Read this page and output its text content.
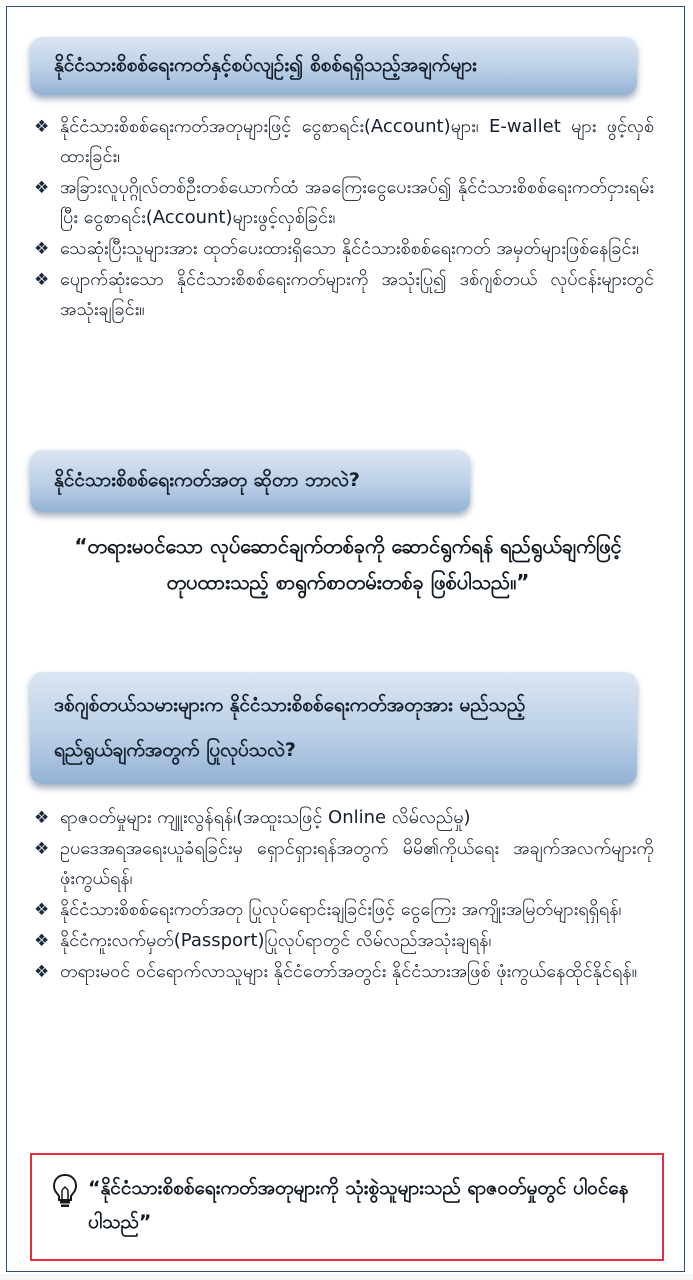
နိုင်ငံသားစိစစ်ရေးကတ်နှင့်စပ်လျဉ်း၍ စိစစ်ရရှိသည့်အချက်များ
❖ နိုင်ငံသားစိစစ်ရေးကတ်အတုများဖြင့် ငွေစာရင်း(Account)များ၊ E-wallet များ ဖွင့်လှစ်ထားခြင်း၊
❖ အခြားလူပုဂ္ဂိုလ်တစ်ဦးတစ်ယောက်ထံ အခကြေးငွေပေးအပ်၍ နိုင်ငံသားစိစစ်ရေးကတ်ငှားရမ်းပြီး ငွေစာရင်း(Account)များဖွင့်လှစ်ခြင်း၊
❖ သေဆုံးပြီးသူများအား ထုတ်ပေးထားရှိသော နိုင်ငံသားစိစစ်ရေးကတ် အမှတ်များဖြစ်နေခြင်း၊
❖ ပျောက်ဆုံးသော နိုင်ငံသားစိစစ်ရေးကတ်များကို အသုံးပြု၍ ဒစ်ဂျစ်တယ် လုပ်ငန်းများတွင် အသုံးချခြင်း။
နိုင်ငံသားစိစစ်ရေးကတ်အတု ဆိုတာ ဘာလဲ?
“တရားမဝင်သော လုပ်ဆောင်ချက်တစ်ခုကို ဆောင်ရွက်ရန် ရည်ရွယ်ချက်ဖြင့် တုပထားသည့် စာရွက်စာတမ်းတစ်ခု ဖြစ်ပါသည်။”
ဒစ်ဂျစ်တယ်သမားများက နိုင်ငံသားစိစစ်ရေးကတ်အတုအား မည်သည့် ရည်ရွယ်ချက်အတွက် ပြုလုပ်သလဲ?
❖ ရာဇဝတ်မှုများ ကျူးလွန်ရန်၊(အထူးသဖြင့် Online လိမ်လည်မှု)
❖ ဥပဒေအရအရေးယူခံရခြင်းမှ ရှောင်ရှားရန်အတွက် မိမိ၏ကိုယ်ရေး အချက်အလက်များကို ဖုံးကွယ်ရန်၊
❖ နိုင်ငံသားစိစစ်ရေးကတ်အတု ပြုလုပ်ရောင်းချခြင်းဖြင့် ငွေကြေး အကျိုးအမြတ်များရရှိရန်၊
❖ နိုင်ငံကူးလက်မှတ်(Passport)ပြုလုပ်ရာတွင် လိမ်လည်အသုံးချရန်၊
❖ တရားမဝင် ဝင်ရောက်လာသူများ နိုင်ငံတော်အတွင်း နိုင်ငံသားအဖြစ် ဖုံးကွယ်နေထိုင်နိုင်ရန်။
“နိုင်ငံသားစိစစ်ရေးကတ်အတုများကို သုံးစွဲသူများသည် ရာဇဝတ်မှုတွင် ပါဝင်နေပါသည်”
